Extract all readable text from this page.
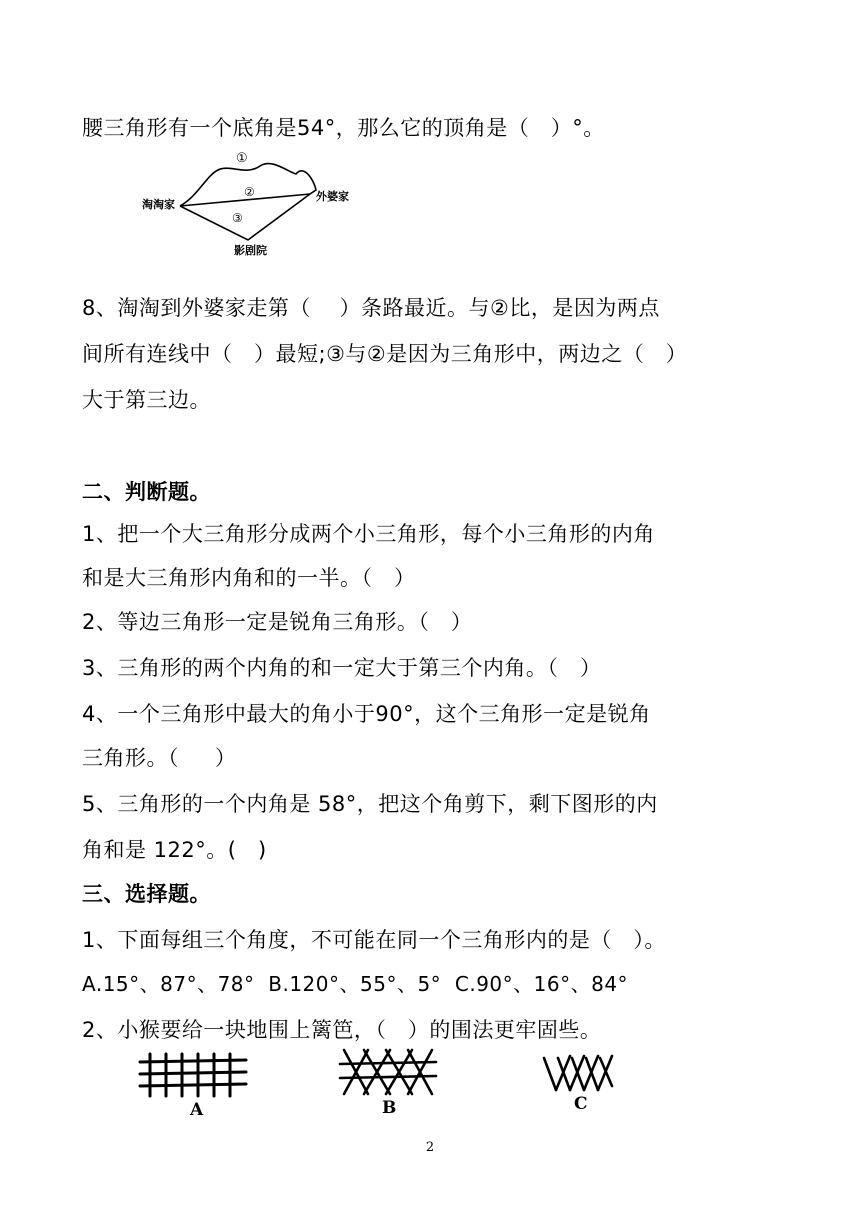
腰三角形有一个底角是54°，那么它的顶角是（   ）°。
①
②
③
淘淘家
外婆家
影剧院
8、淘淘到外婆家走第（    ）条路最近。与②比，是因为两点
间所有连线中（   ）最短;③与②是因为三角形中，两边之（   ）
大于第三边。
二、判断题。
1、把一个大三角形分成两个小三角形，每个小三角形的内角
和是大三角形内角和的一半。（   ）
2、等边三角形一定是锐角三角形。（   ）
3、三角形的两个内角的和一定大于第三个内角。（   ）
4、一个三角形中最大的角小于90°，这个三角形一定是锐角
三角形。（     ）
5、三角形的一个内角是 58°，把这个角剪下，剩下图形的内
角和是 122°。(   )
三、选择题。
1、下面每组三个角度，不可能在同一个三角形内的是（   ）。
A.15°、87°、78°  B.120°、55°、5°  C.90°、16°、84°
2、小猴要给一块地围上篱笆，（   ）的围法更牢固些。
A	B	C
2
